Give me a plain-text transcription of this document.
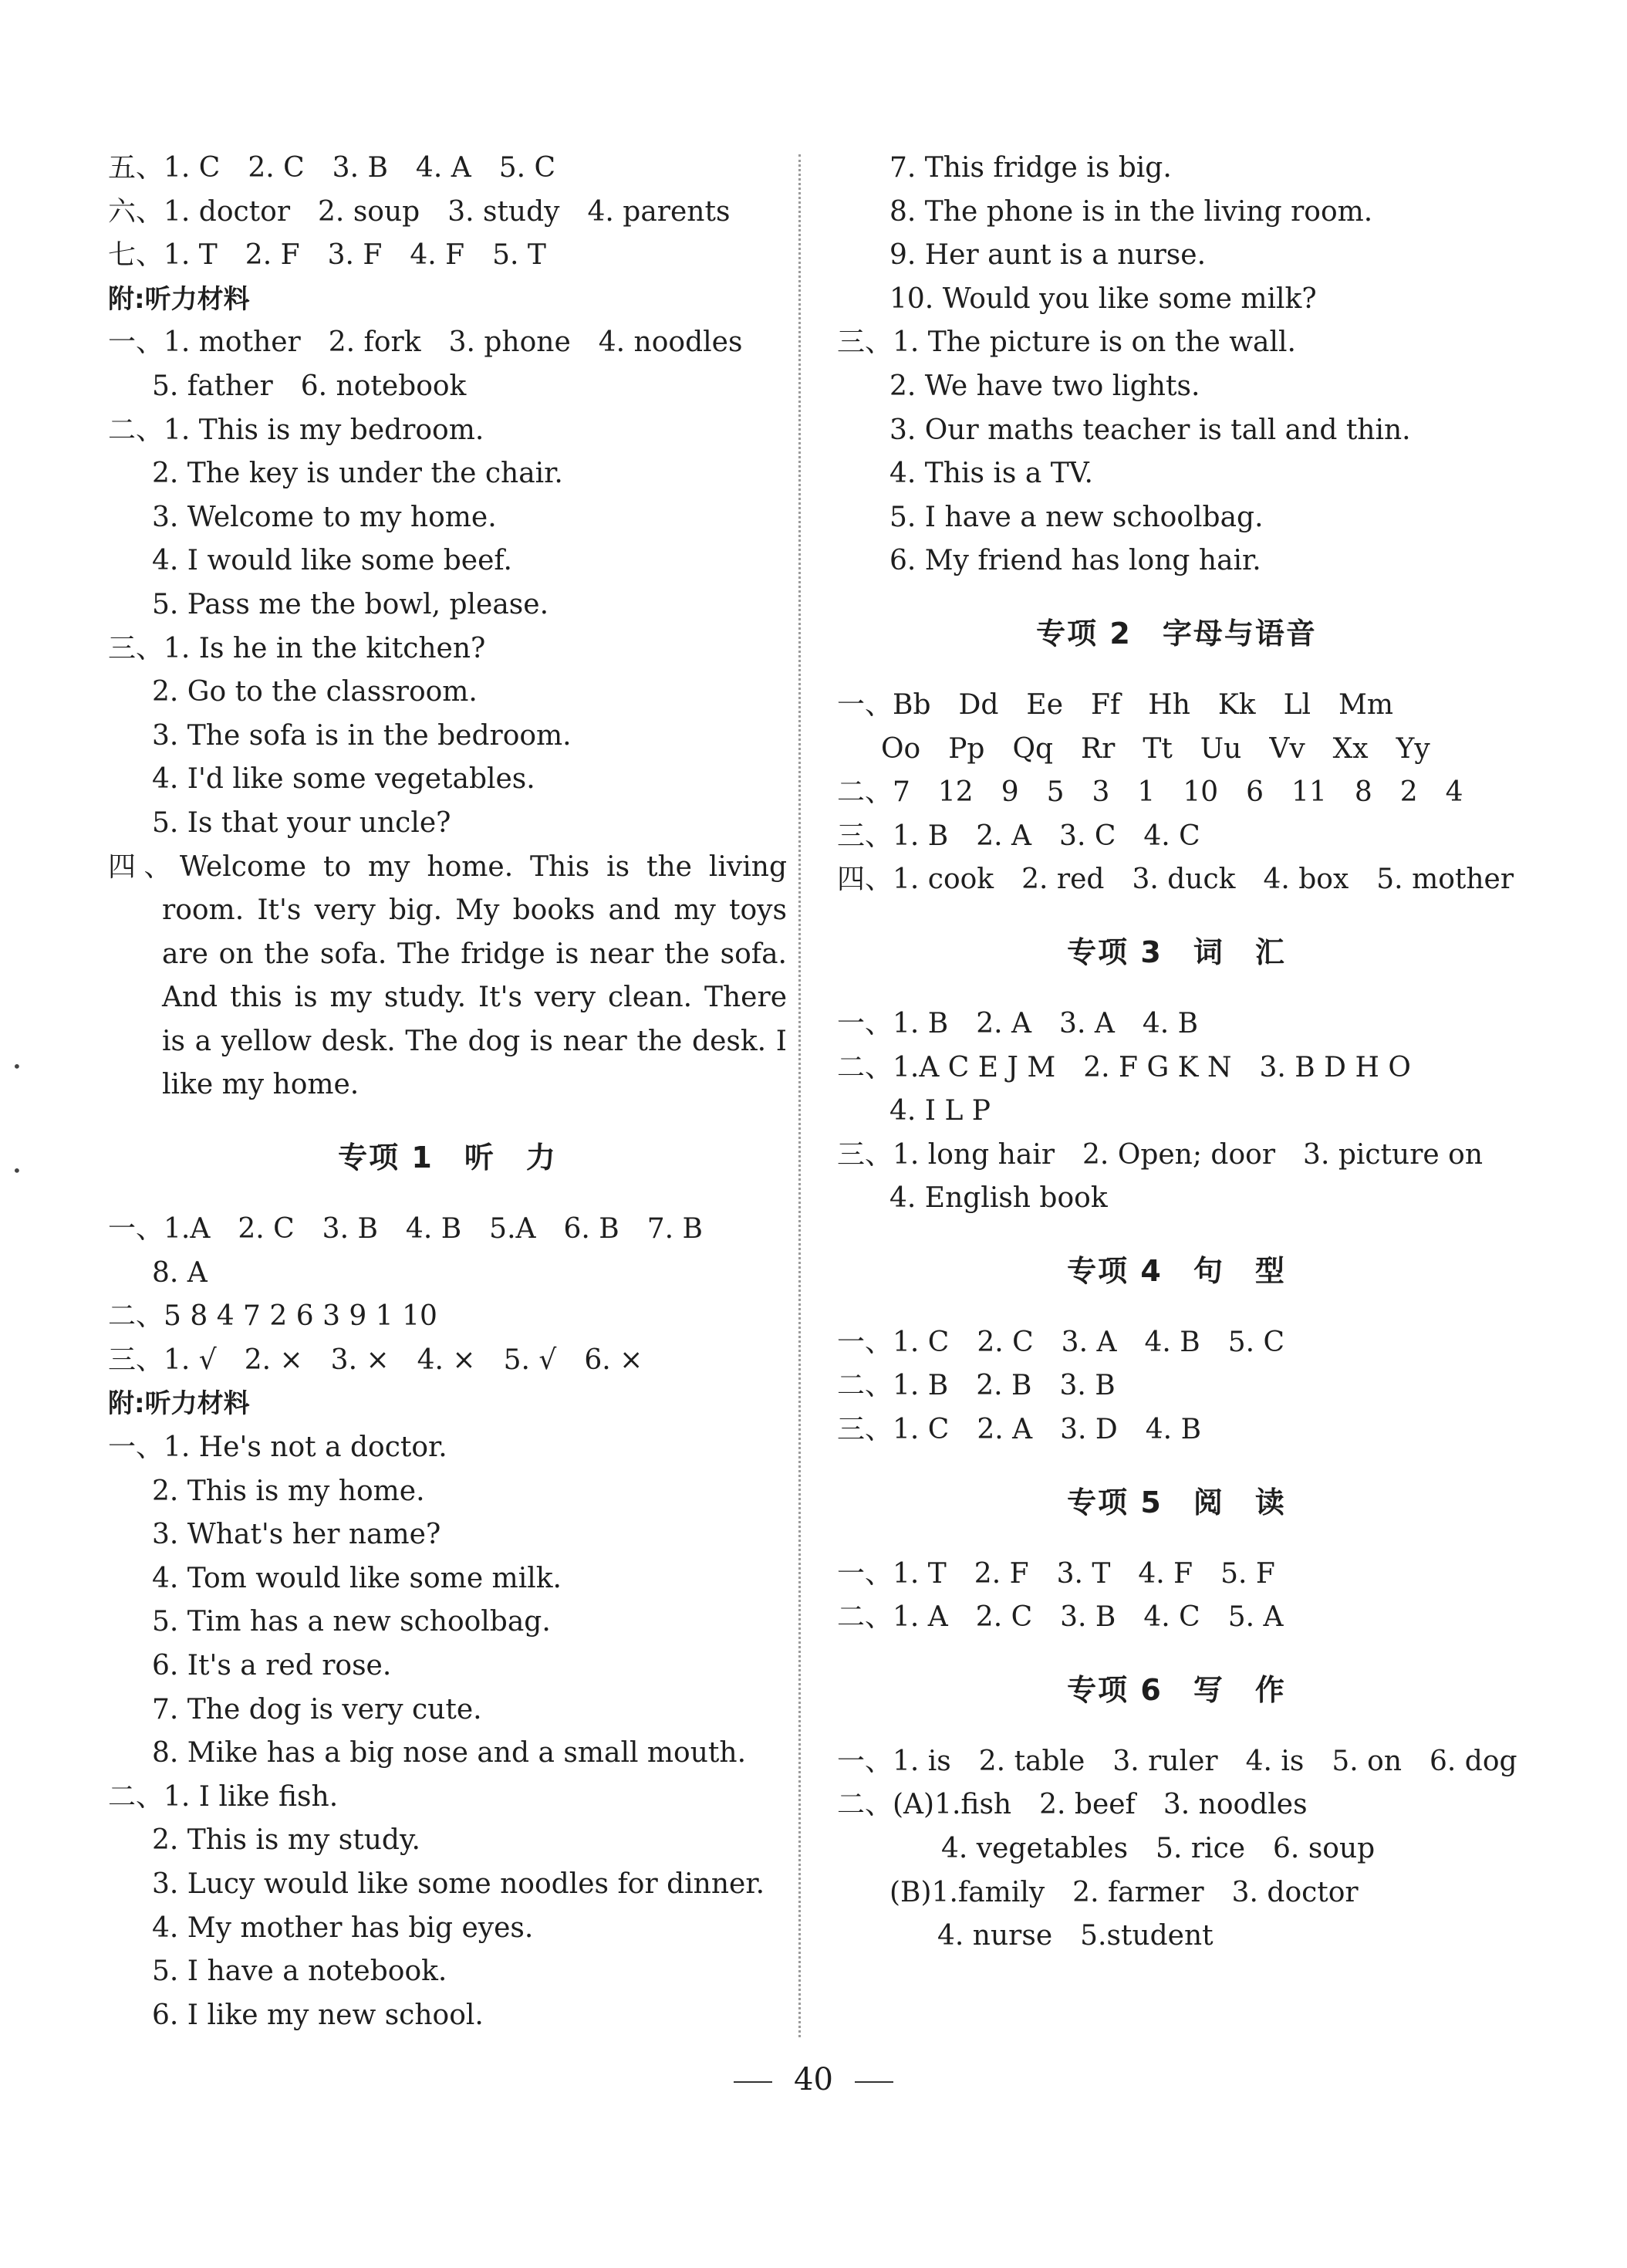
五、1. C　2. C　3. B　4. A　5. C
六、1. doctor　2. soup　3. study　4. parents
七、1. T　2. F　3. F　4. F　5. T
附:听力材料
一、1. mother　2. fork　3. phone　4. noodles
5. father　6. notebook
二、1. This is my bedroom.
2. The key is under the chair.
3. Welcome to my home.
4. I would like some beef.
5. Pass me the bowl, please.
三、1. Is he in the kitchen?
2. Go to the classroom.
3. The sofa is in the bedroom.
4. I'd like some vegetables.
5. Is that your uncle?
四、Welcome to my home. This is the living
room. It's very big. My books and my toys
are on the sofa. The fridge is near the sofa.
And this is my study. It's very clean. There
is a yellow desk. The dog is near the desk. I
like my home.
专项 1　听　力
一、1.A　2. C　3. B　4. B　5.A　6. B　7. B
8. A
二、5 8 4 7 2 6 3 9 1 10
三、1. √　2. ×　3. ×　4. ×　5. √　6. ×
附:听力材料
一、1. He's not a doctor.
2. This is my home.
3. What's her name?
4. Tom would like some milk.
5. Tim has a new schoolbag.
6. It's a red rose.
7. The dog is very cute.
8. Mike has a big nose and a small mouth.
二、1. I like fish.
2. This is my study.
3. Lucy would like some noodles for dinner.
4. My mother has big eyes.
5. I have a notebook.
6. I like my new school.
7. This fridge is big.
8. The phone is in the living room.
9. Her aunt is a nurse.
10. Would you like some milk?
三、1. The picture is on the wall.
2. We have two lights.
3. Our maths teacher is tall and thin.
4. This is a TV.
5. I have a new schoolbag.
6. My friend has long hair.
专项 2　字母与语音
一、Bb　Dd　Ee　Ff　Hh　Kk　Ll　Mm
Oo　Pp　Qq　Rr　Tt　Uu　Vv　Xx　Yy
二、7　12　9　5　3　1　10　6　11　8　2　4
三、1. B　2. A　3. C　4. C
四、1. cook　2. red　3. duck　4. box　5. mother
专项 3　词　汇
一、1. B　2. A　3. A　4. B
二、1.A C E J M　2. F G K N　3. B D H O
4. I L P
三、1. long hair　2. Open; door　3. picture on
4. English book
专项 4　句　型
一、1. C　2. C　3. A　4. B　5. C
二、1. B　2. B　3. B
三、1. C　2. A　3. D　4. B
专项 5　阅　读
一、1. T　2. F　3. T　4. F　5. F
二、1. A　2. C　3. B　4. C　5. A
专项 6　写　作
一、1. is　2. table　3. ruler　4. is　5. on　6. dog
二、(A)1.fish　2. beef　3. noodles
4. vegetables　5. rice　6. soup
(B)1.family　2. farmer　3. doctor
4. nurse　5.student
•
•
40
